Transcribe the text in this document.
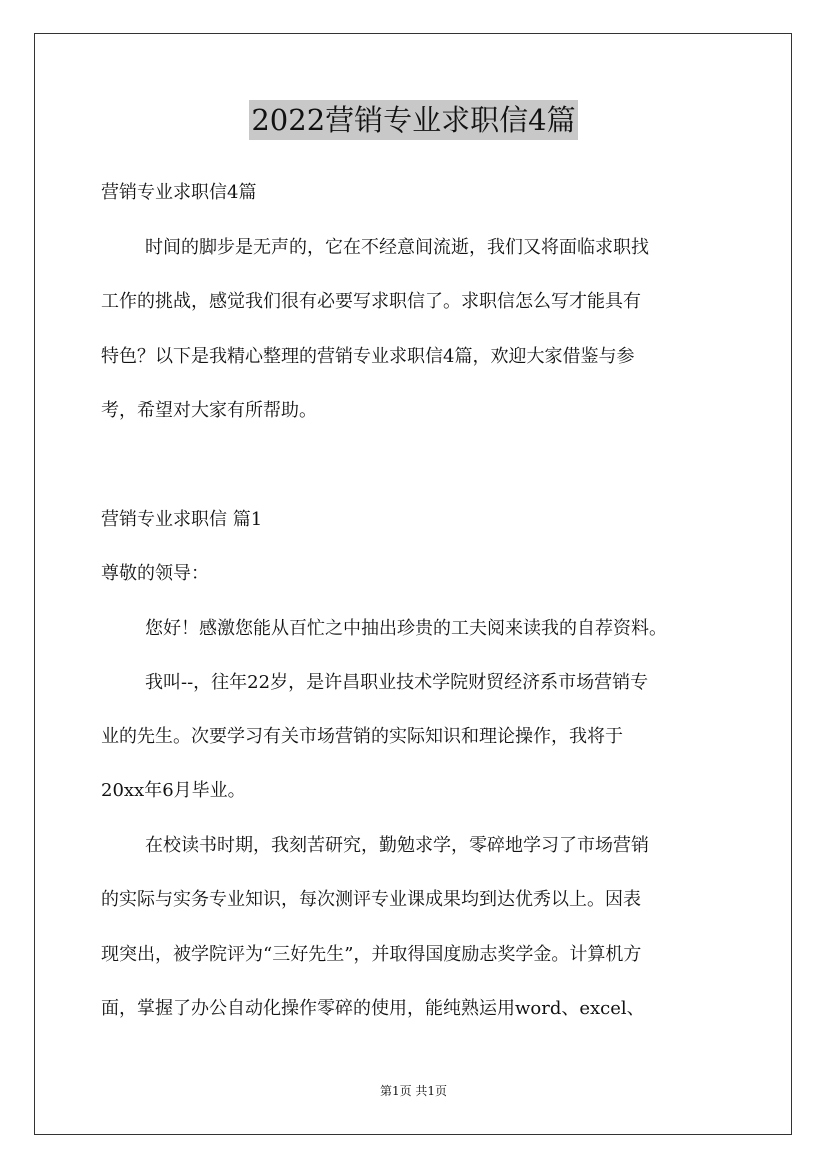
2022营销专业求职信4篇
营销专业求职信4篇
时间的脚步是无声的，它在不经意间流逝，我们又将面临求职找
工作的挑战，感觉我们很有必要写求职信了。求职信怎么写才能具有
特色？以下是我精心整理的营销专业求职信4篇，欢迎大家借鉴与参
考，希望对大家有所帮助。
营销专业求职信 篇1
尊敬的领导：
您好！感激您能从百忙之中抽出珍贵的工夫阅来读我的自荐资料。
我叫--，往年22岁，是许昌职业技术学院财贸经济系市场营销专
业的先生。次要学习有关市场营销的实际知识和理论操作，我将于
20xx年6月毕业。
在校读书时期，我刻苦研究，勤勉求学，零碎地学习了市场营销
的实际与实务专业知识，每次测评专业课成果均到达优秀以上。因表
现突出，被学院评为“三好先生”，并取得国度励志奖学金。计算机方
面，掌握了办公自动化操作零碎的使用，能纯熟运用word、excel、
第1页 共1页
